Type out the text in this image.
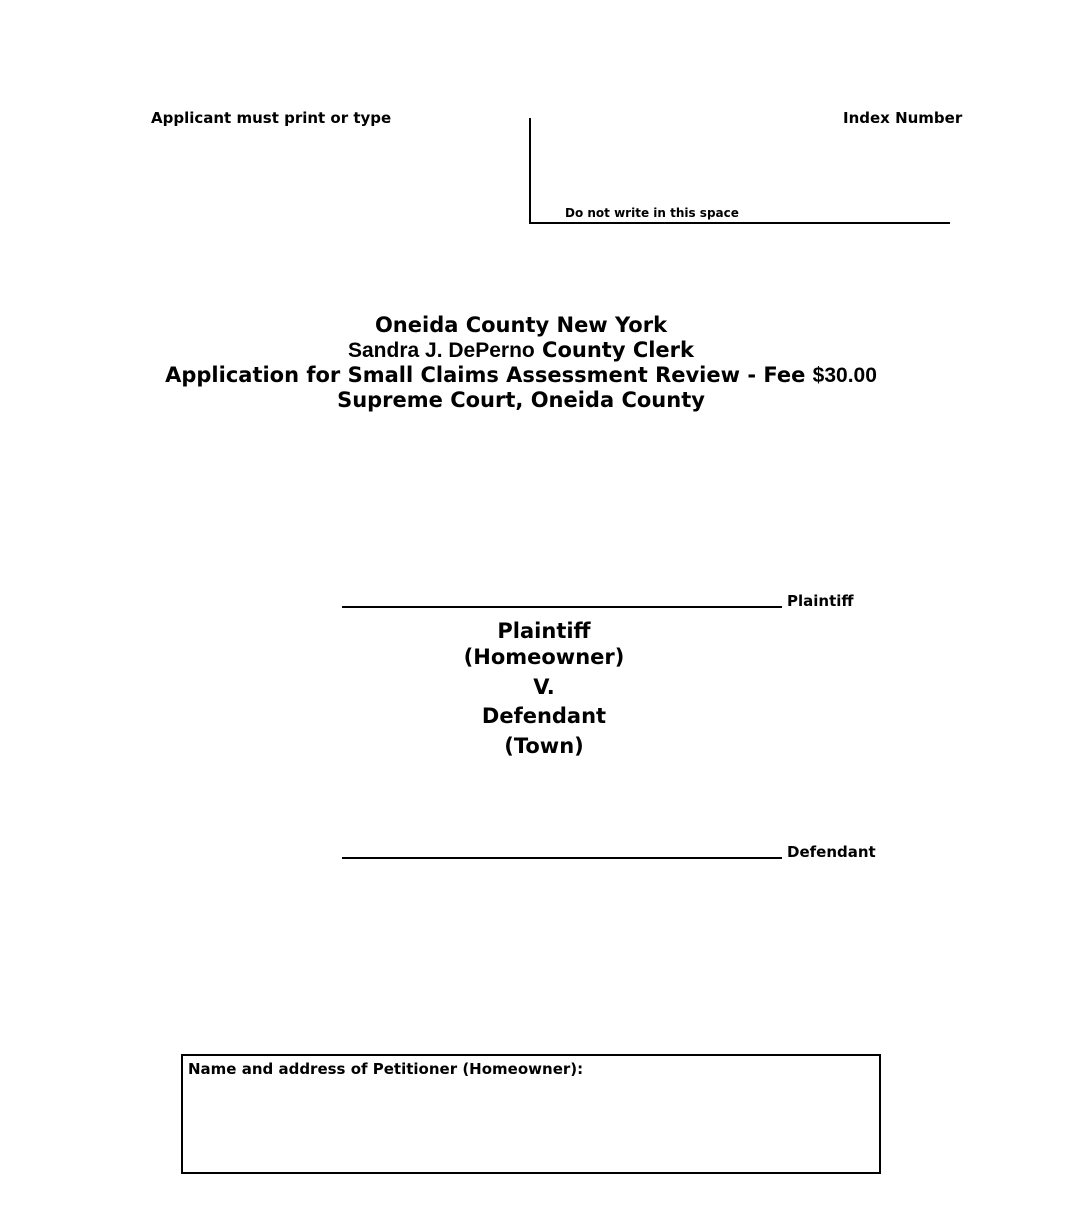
Applicant must print or type	Index Number
Do not write in this space
Oneida County New York
Sandra J. DePerno County Clerk
Application for Small Claims Assessment Review - Fee $30.00
Supreme Court, Oneida County
Plaintiff
Plaintiff
(Homeowner)
V.
Defendant
(Town)
Defendant
Name and address of Petitioner (Homeowner):
